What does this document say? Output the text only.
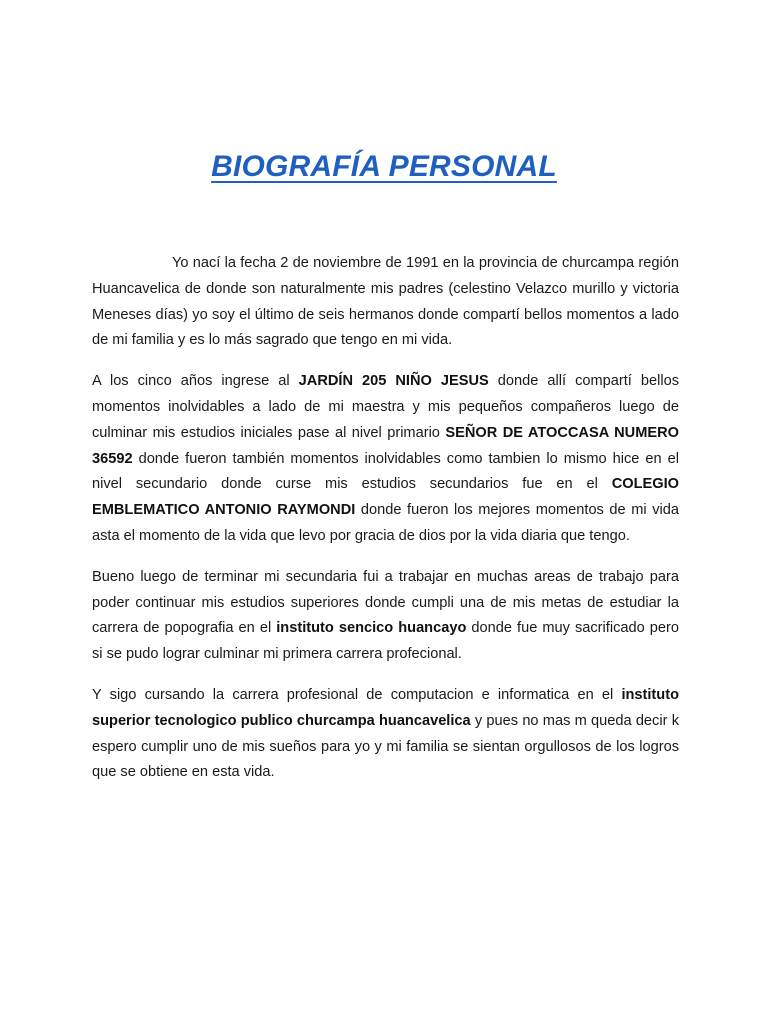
BIOGRAFÍA PERSONAL

Yo nací la fecha 2 de noviembre de 1991 en la provincia de churcampa región Huancavelica de donde son naturalmente mis padres (celestino Velazco murillo y victoria Meneses días) yo soy el último de seis hermanos donde compartí bellos momentos a lado de mi familia y es lo más sagrado que tengo en mi vida.

A los cinco años ingrese al JARDÍN 205 NIÑO JESUS donde allí compartí bellos momentos inolvidables a lado de mi maestra y mis pequeños compañeros luego de culminar mis estudios iniciales pase al nivel primario SEÑOR DE ATOCCASA NUMERO 36592 donde fueron también momentos inolvidables como tambien lo mismo hice en el nivel secundario donde curse mis estudios secundarios fue en el COLEGIO EMBLEMATICO ANTONIO RAYMONDI donde fueron los mejores momentos de mi vida asta el momento de la vida que levo por gracia de dios por la vida diaria que tengo.

Bueno luego de terminar mi secundaria fui a trabajar en muchas areas de trabajo para poder continuar mis estudios superiores donde cumpli una de mis metas de estudiar la carrera de popografia en el instituto sencico huancayo donde fue muy sacrificado pero si se pudo lograr culminar mi primera carrera profecional.

Y sigo cursando la carrera profesional de computacion e informatica en el instituto superior tecnologico publico churcampa huancavelica y pues no mas m queda decir k espero cumplir uno de mis sueños para yo y mi familia se sientan orgullosos de los logros que se obtiene en esta vida.
